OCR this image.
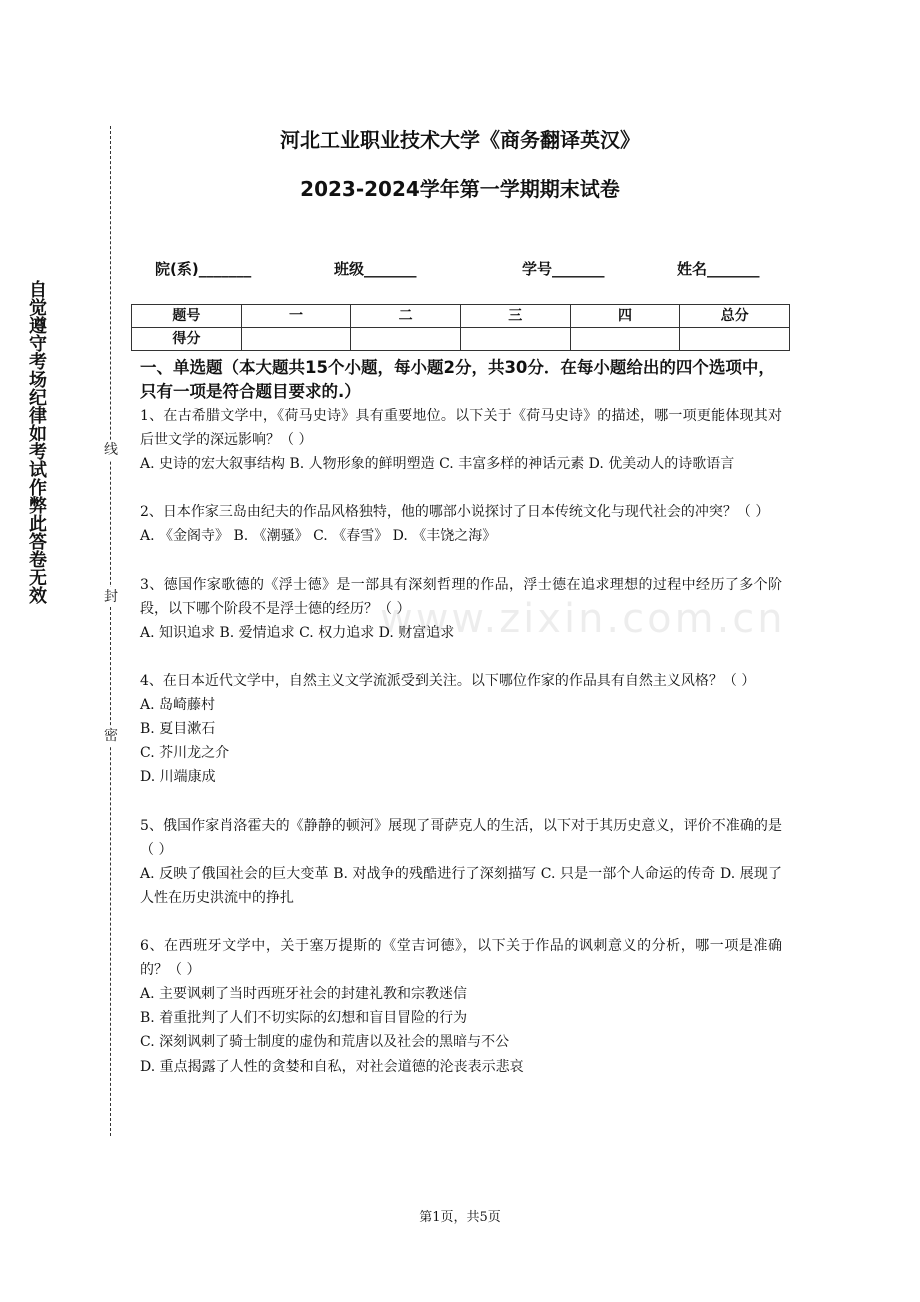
自觉遵守考场纪律如考试作弊此答卷无效	线
封
密
河北工业职业技术大学《商务翻译英汉》
2023-2024学年第一学期期末试卷
院(系)_______	班级_______	学号_______	姓名_______
题号	一	二	三	四	总分
得分					
一、单选题（本大题共15个小题，每小题2分，共30分．在每小题给出的四个选项中，只有一项是符合题目要求的.）
www.zixin.com.cn

1、在古希腊文学中，《荷马史诗》具有重要地位。以下关于《荷马史诗》的描述，哪一项更能体现其对后世文学的深远影响？（ ）

A. 史诗的宏大叙事结构 B. 人物形象的鲜明塑造 C. 丰富多样的神话元素 D. 优美动人的诗歌语言

2、日本作家三岛由纪夫的作品风格独特，他的哪部小说探讨了日本传统文化与现代社会的冲突？（ ）

A. 《金阁寺》 B. 《潮骚》 C. 《春雪》 D. 《丰饶之海》

3、德国作家歌德的《浮士德》是一部具有深刻哲理的作品，浮士德在追求理想的过程中经历了多个阶段，以下哪个阶段不是浮士德的经历？（ ）

A. 知识追求 B. 爱情追求 C. 权力追求 D. 财富追求

4、在日本近代文学中，自然主义文学流派受到关注。以下哪位作家的作品具有自然主义风格？（ ）

A. 岛崎藤村

B. 夏目漱石

C. 芥川龙之介

D. 川端康成

5、俄国作家肖洛霍夫的《静静的顿河》展现了哥萨克人的生活，以下对于其历史意义，评价不准确的是（ ）

A. 反映了俄国社会的巨大变革 B. 对战争的残酷进行了深刻描写 C. 只是一部个人命运的传奇 D. 展现了人性在历史洪流中的挣扎

6、在西班牙文学中，关于塞万提斯的《堂吉诃德》，以下关于作品的讽刺意义的分析，哪一项是准确的？（ ）

A. 主要讽刺了当时西班牙社会的封建礼教和宗教迷信

B. 着重批判了人们不切实际的幻想和盲目冒险的行为

C. 深刻讽刺了骑士制度的虚伪和荒唐以及社会的黑暗与不公

D. 重点揭露了人性的贪婪和自私，对社会道德的沦丧表示悲哀

第1页，共5页
